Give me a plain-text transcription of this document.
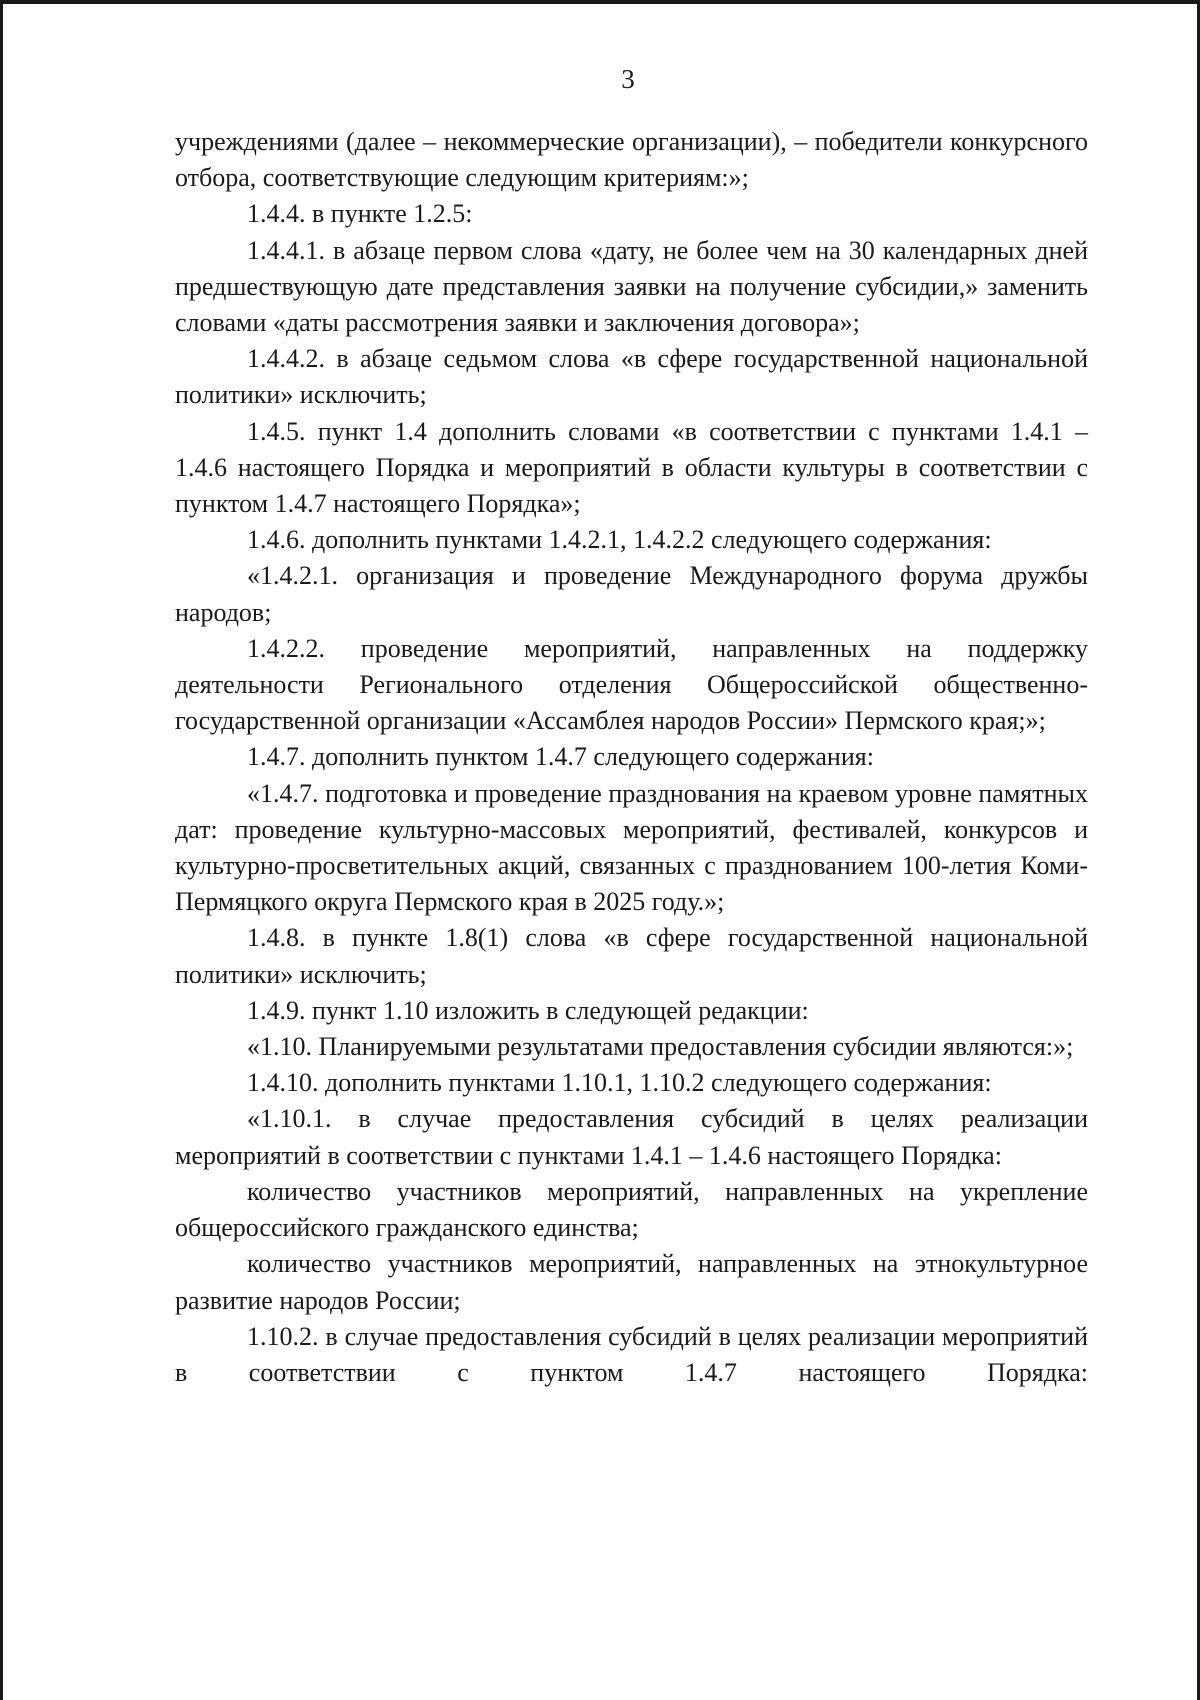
3

учреждениями (далее – некоммерческие организации), – победители конкурсного отбора, соответствующие следующим критериям:»;

1.4.4. в пункте 1.2.5:

1.4.4.1. в абзаце первом слова «дату, не более чем на 30 календарных дней предшествующую дате представления заявки на получение субсидии,» заменить словами «даты рассмотрения заявки и заключения договора»;

1.4.4.2. в абзаце седьмом слова «в сфере государственной национальной политики» исключить;

1.4.5. пункт 1.4 дополнить словами «в соответствии с пунктами 1.4.1 – 1.4.6 настоящего Порядка и мероприятий в области культуры в соответствии с пунктом 1.4.7 настоящего Порядка»;

1.4.6. дополнить пунктами 1.4.2.1, 1.4.2.2 следующего содержания:

«1.4.2.1. организация и проведение Международного форума дружбы народов;

1.4.2.2. проведение мероприятий, направленных на поддержку деятельности Регионального отделения Общероссийской общественно-государственной организации «Ассамблея народов России» Пермского края;»;

1.4.7. дополнить пунктом 1.4.7 следующего содержания:

«1.4.7. подготовка и проведение празднования на краевом уровне памятных дат: проведение культурно-массовых мероприятий, фестивалей, конкурсов и культурно-просветительных акций, связанных с празднованием 100-летия Коми-Пермяцкого округа Пермского края в 2025 году.»;

1.4.8. в пункте 1.8(1) слова «в сфере государственной национальной политики» исключить;

1.4.9. пункт 1.10 изложить в следующей редакции:

«1.10. Планируемыми результатами предоставления субсидии являются:»;

1.4.10. дополнить пунктами 1.10.1, 1.10.2 следующего содержания:

«1.10.1. в случае предоставления субсидий в целях реализации мероприятий в соответствии с пунктами 1.4.1 – 1.4.6 настоящего Порядка:

количество участников мероприятий, направленных на укрепление общероссийского гражданского единства;

количество участников мероприятий, направленных на этнокультурное развитие народов России;

1.10.2. в случае предоставления субсидий в целях реализации мероприятий в соответствии с пунктом 1.4.7 настоящего Порядка:
